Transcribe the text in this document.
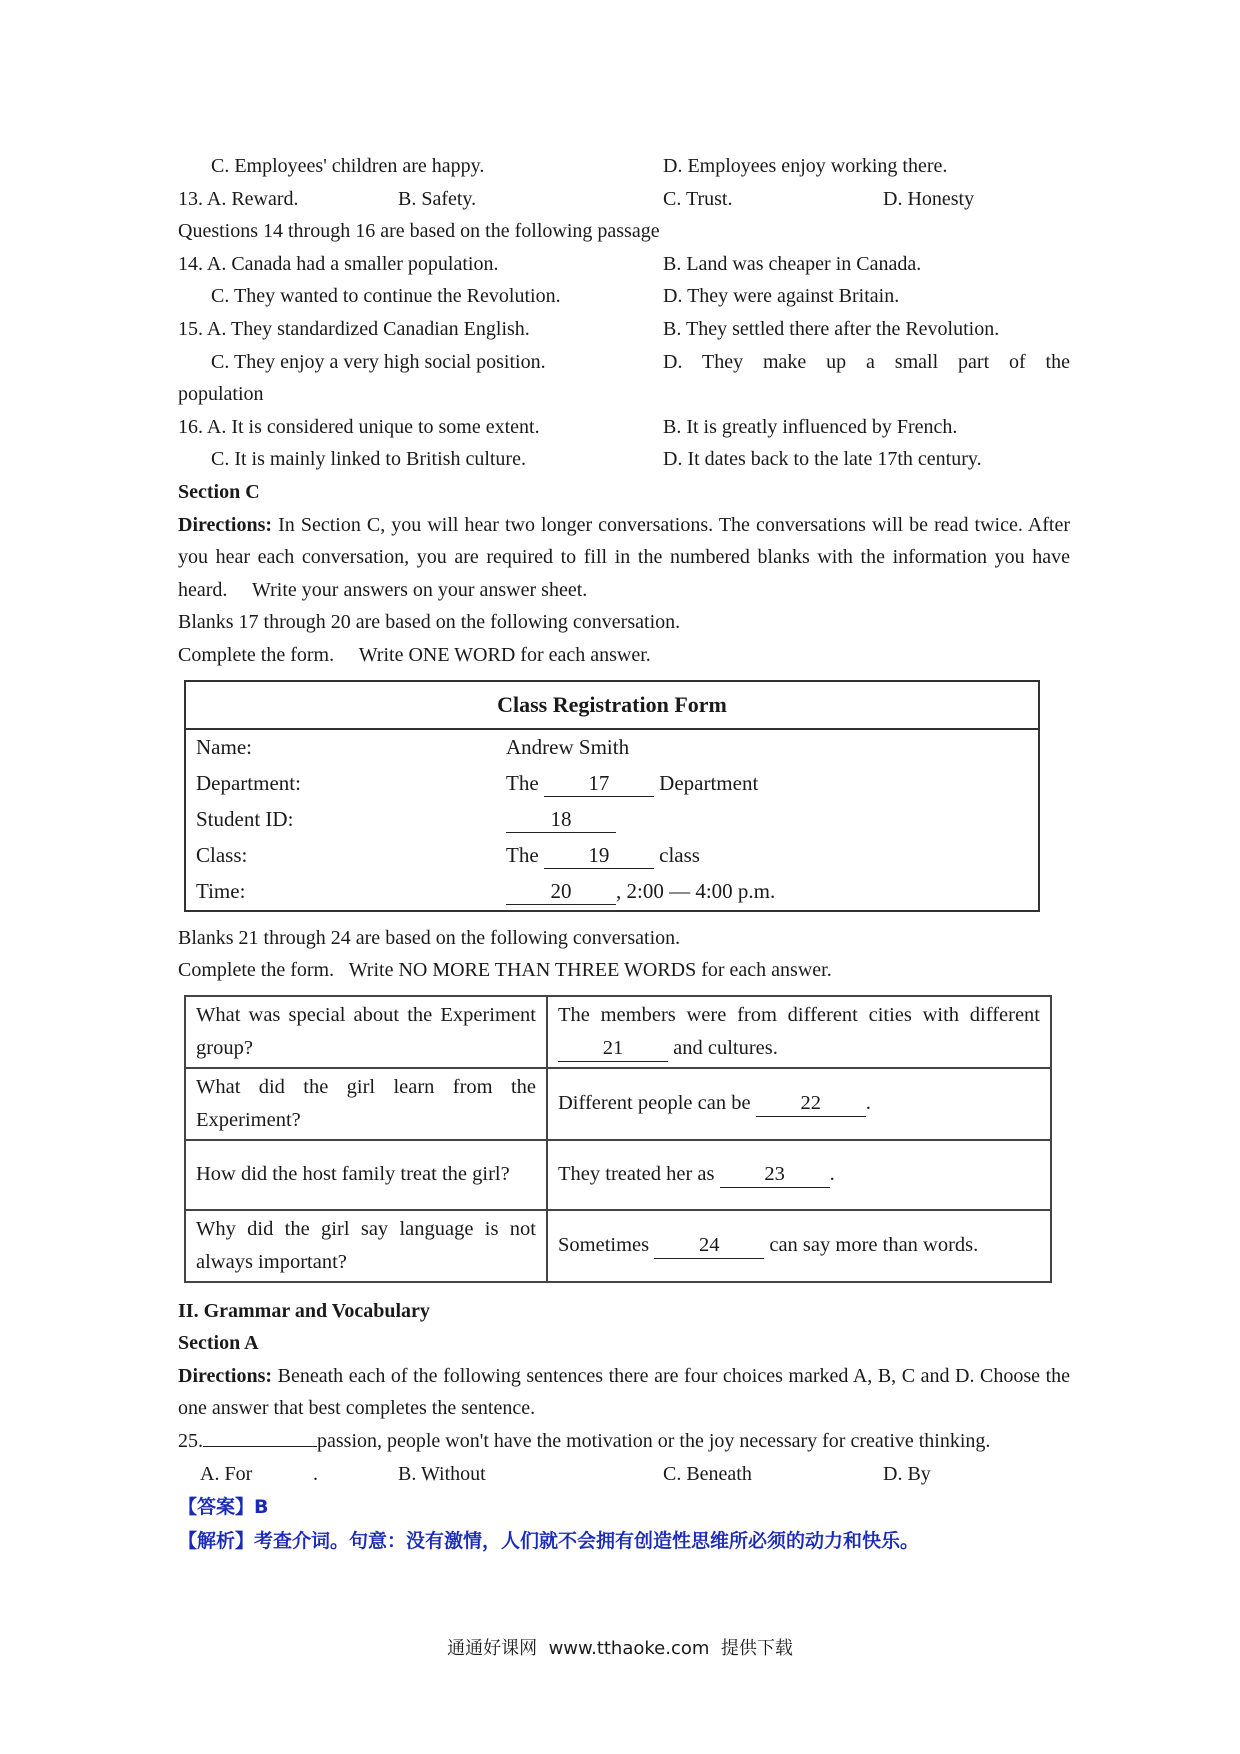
C. Employees' children are happy.	D. Employees enjoy working there.
13. A. Reward.	B. Safety.	C. Trust.	D. Honesty
Questions 14 through 16 are based on the following passage
14. A. Canada had a smaller population.	B. Land was cheaper in Canada.
C. They wanted to continue the Revolution.	D. They were against Britain.
15. A. They standardized Canadian English.	B. They settled there after the Revolution.
C. They enjoy a very high social position.	D. They make up a small part of the
population
16. A. It is considered unique to some extent.	B. It is greatly influenced by French.
C. It is mainly linked to British culture.	D. It dates back to the late 17th century.
Section C
Directions: In Section C, you will hear two longer conversations. The conversations will be read twice. After you hear each conversation, you are required to fill in the numbered blanks with the information you have heard.     Write your answers on your answer sheet.
Blanks 17 through 20 are based on the following conversation.
Complete the form.     Write ONE WORD for each answer.
Class Registration Form	
Name:	Andrew Smith
Department:	The 17 Department
Student ID:	18
Class:	The 19 class
Time:	20 , 2:00 — 4:00 p.m.
Blanks 21 through 24 are based on the following conversation.
Complete the form.   Write NO MORE THAN THREE WORDS for each answer.
What was special about the Experiment group?	The members were from different cities with different 21 and cultures.
What did the girl learn from the Experiment?	Different people can be 22 .
How did the host family treat the girl?	They treated her as 23 .
Why did the girl say language is not always important?	Sometimes 24 can say more than words.
II. Grammar and Vocabulary
Section A
Directions: Beneath each of the following sentences there are four choices marked A, B, C and D. Choose the one answer that best completes the sentence.
25.	passion, people won't have the motivation or the joy necessary for creative thinking.
A. For	.	B. Without	C. Beneath	D. By
【答案】B
【解析】考查介词。句意：没有激情，人们就不会拥有创造性思维所必须的动力和快乐。
通通好课网  www.tthaoke.com  提供下载
